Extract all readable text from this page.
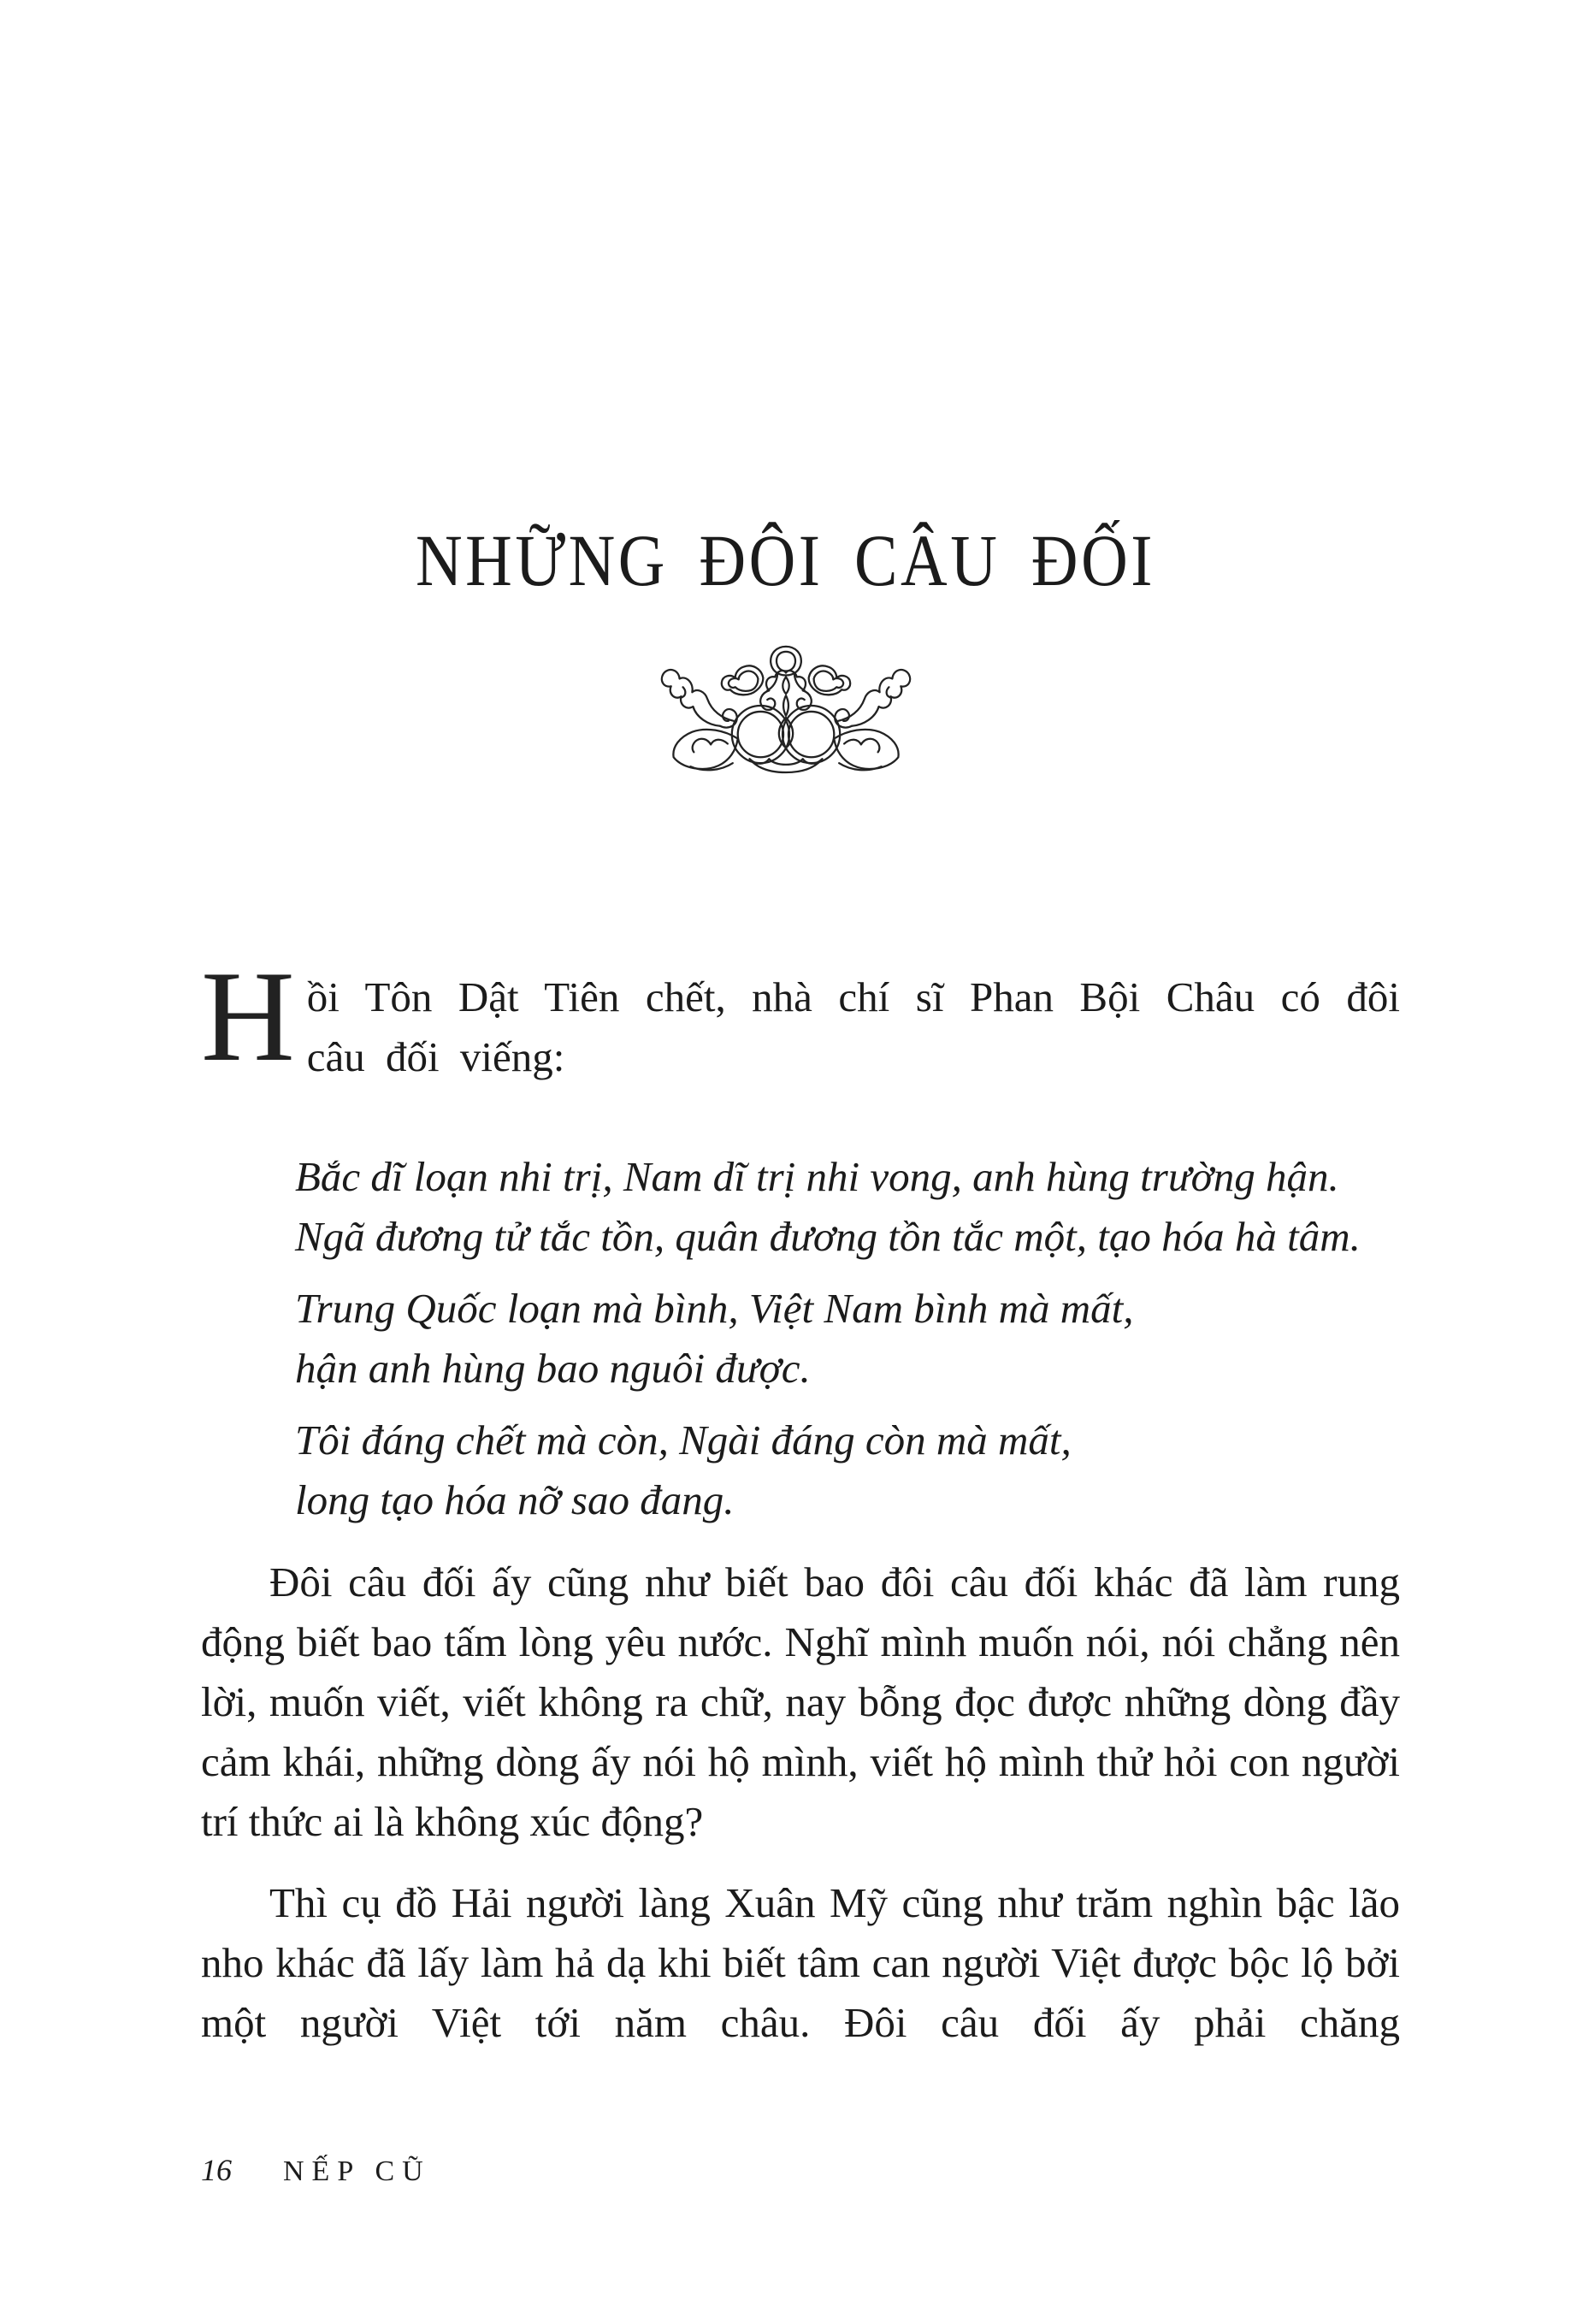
NHỮNG ĐÔI CÂU ĐỐI

Hồi Tôn Dật Tiên chết, nhà chí sĩ Phan Bội Châu có đôi câu đối viếng:

Bắc dĩ loạn nhi trị, Nam dĩ trị nhi vong, anh hùng trường hận.
Ngã đương tử tắc tồn, quân đương tồn tắc một, tạo hóa hà tâm.
Trung Quốc loạn mà bình, Việt Nam bình mà mất,
hận anh hùng bao nguôi được.
Tôi đáng chết mà còn, Ngài đáng còn mà mất,
long tạo hóa nỡ sao đang.

Đôi câu đối ấy cũng như biết bao đôi câu đối khác đã làm rung động biết bao tấm lòng yêu nước. Nghĩ mình muốn nói, nói chẳng nên lời, muốn viết, viết không ra chữ, nay bỗng đọc được những dòng đầy cảm khái, những dòng ấy nói hộ mình, viết hộ mình thử hỏi con người trí thức ai là không xúc động?

Thì cụ đồ Hải người làng Xuân Mỹ cũng như trăm nghìn bậc lão nho khác đã lấy làm hả dạ khi biết tâm can người Việt được bộc lộ bởi một người Việt tới năm châu. Đôi câu đối ấy phải chăng

16 NẾP CŨ
